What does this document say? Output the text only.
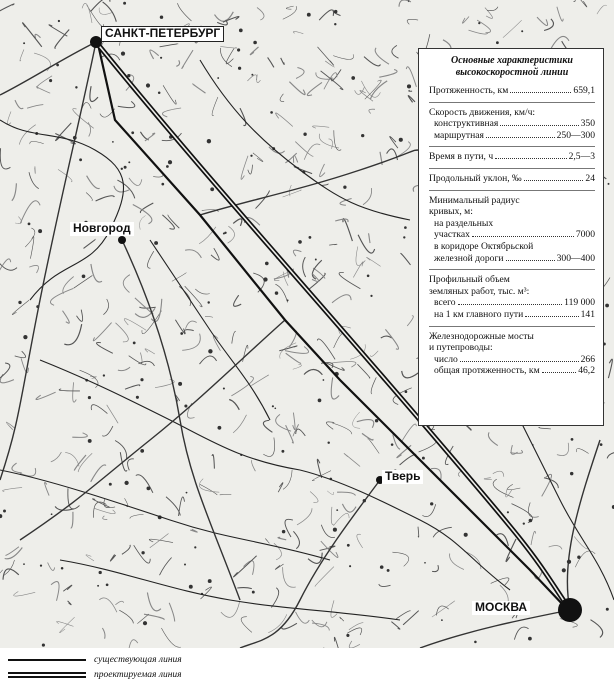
САНКТ-ПЕТЕРБУРГ
Новгород
Тверь
МОСКВА
Основные характеристики
высокоскоростной линии
Протяженность, км	659,1
Скорость движения, км/ч:
конструктивная	350
маршрутная	250—300
Время в пути, ч	2,5—3
Продольный уклон, ‰	24
Минимальный радиус
кривых, м:
на раздельных
участках	7000
в коридоре Октябрьской
железной дороги	300—400
Профильный объем
земляных работ, тыс. м³:
всего	119 000
на 1 км главного пути	141
Железнодорожные мосты
и путепроводы:
число	266
общая протяженность, км	46,2
существующая линия
проектируемая линия
